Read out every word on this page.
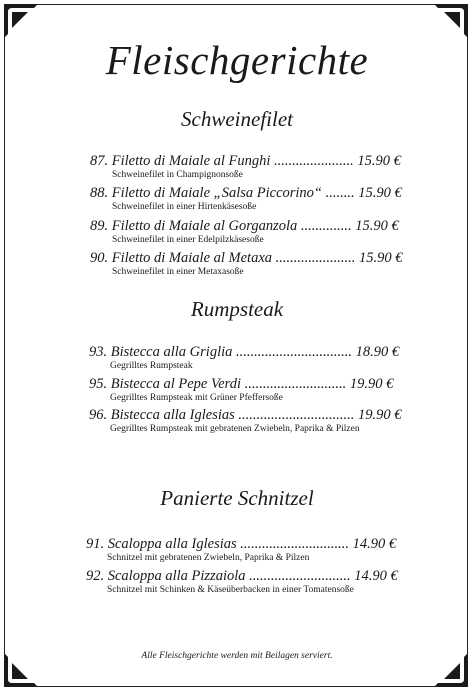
Fleischgerichte
Schweinefilet
87. Filetto di Maiale al Funghi ...................... 15.90 €
Schweinefilet in Champignonsoße
88. Filetto di Maiale „Salsa Piccorino“ ........ 15.90 €
Schweinefilet in einer Hirtenkäsesoße
89. Filetto di Maiale al Gorganzola .............. 15.90 €
Schweinefilet in einer Edelpilzkäsesoße
90. Filetto di Maiale al Metaxa ...................... 15.90 €
Schweinefilet in einer Metaxasoße
Rumpsteak
93. Bistecca alla Griglia ................................ 18.90 €
Gegrilltes Rumpsteak
95. Bistecca al Pepe Verdi ............................ 19.90 €
Gegrilltes Rumpsteak mit Grüner Pfeffersoße
96. Bistecca alla Iglesias ................................ 19.90 €
Gegrilltes Rumpsteak mit gebratenen Zwiebeln, Paprika & Pilzen
Panierte Schnitzel
91. Scaloppa alla Iglesias .............................. 14.90 €
Schnitzel mit gebratenen Zwiebeln, Paprika & Pilzen
92. Scaloppa alla Pizzaiola ............................ 14.90 €
Schnitzel mit Schinken & Käseüberbacken in einer Tomatensoße
Alle Fleischgerichte werden mit Beilagen serviert.
